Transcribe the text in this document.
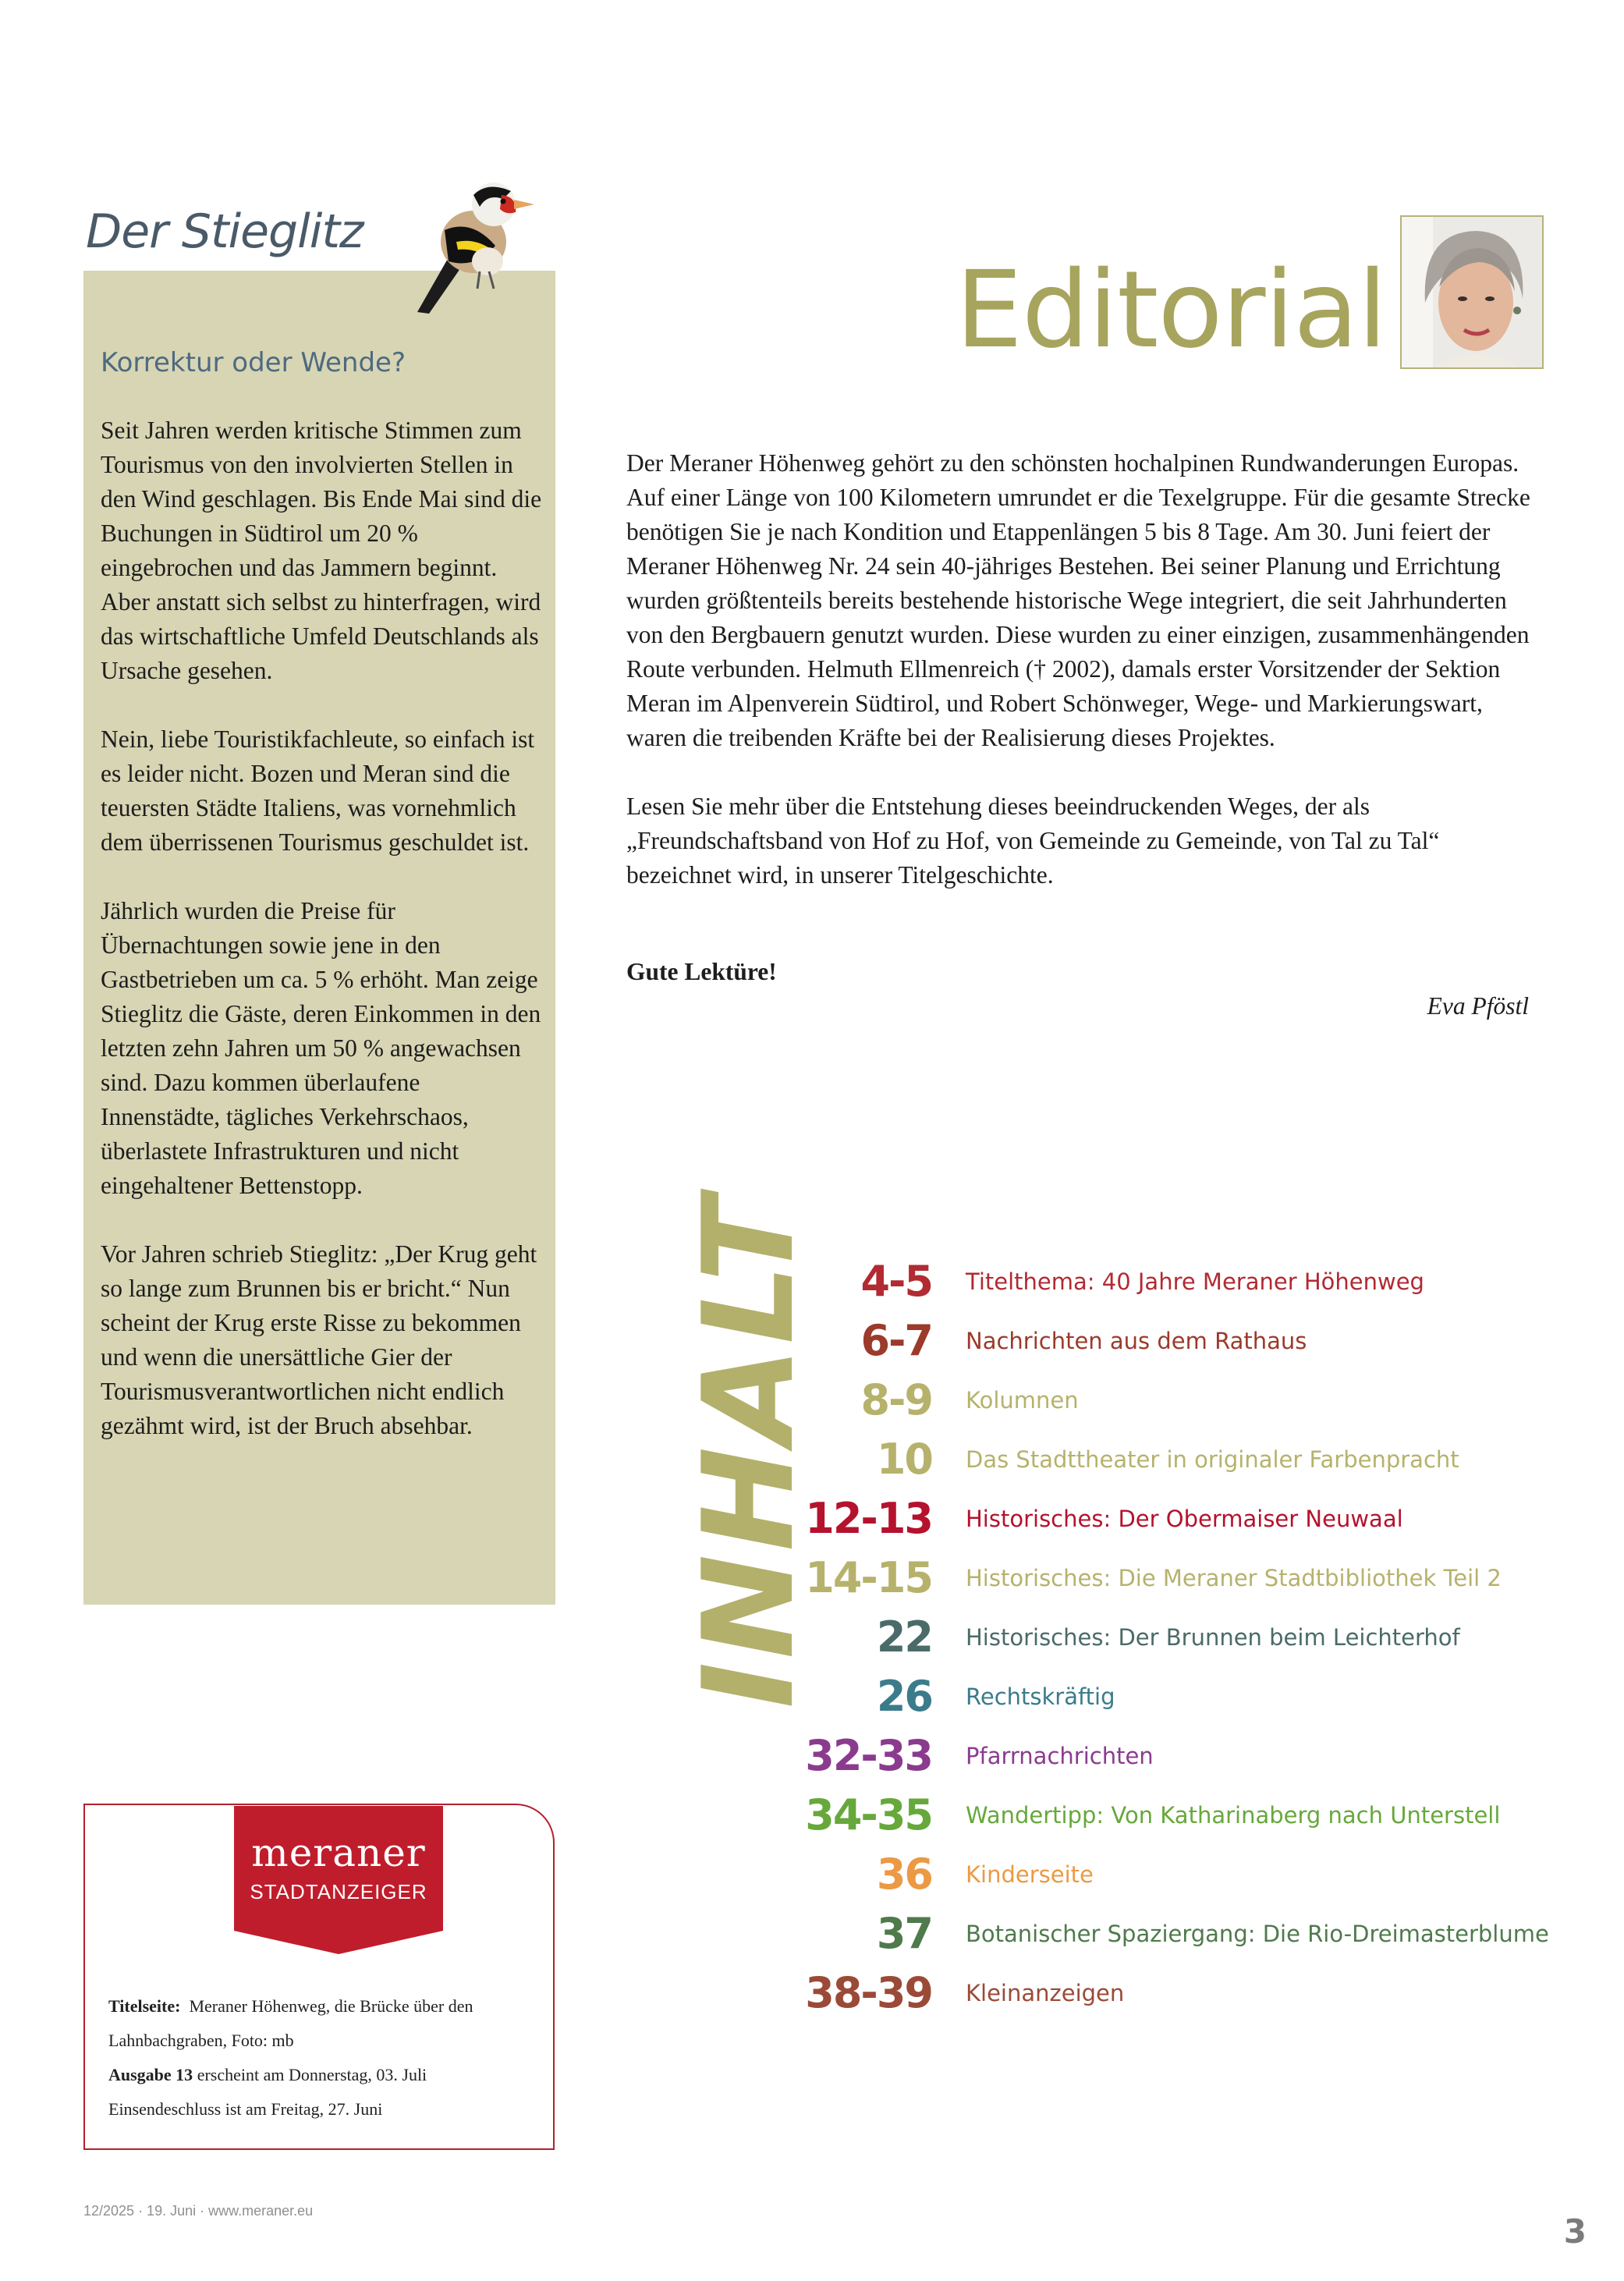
Der Stieglitz
Korrektur oder Wende?

Seit Jahren werden kritische Stimmen zum Tourismus von den involvierten Stellen in den Wind geschlagen. Bis Ende Mai sind die Buchungen in Südtirol um 20 % eingebrochen und das Jammern beginnt. Aber anstatt sich selbst zu hinterfragen, wird das wirtschaftliche Umfeld Deutschlands als Ursache gesehen.

Nein, liebe Touristikfachleute, so einfach ist es leider nicht. Bozen und Meran sind die teuersten Städte Italiens, was vornehmlich dem überrissenen Tourismus geschuldet ist.

Jährlich wurden die Preise für Übernachtungen sowie jene in den Gastbetrieben um ca. 5 % erhöht. Man zeige Stieglitz die Gäste, deren Einkommen in den letzten zehn Jahren um 50 % angewachsen sind. Dazu kommen überlaufene Innenstädte, tägliches Verkehrschaos, überlastete Infrastrukturen und nicht eingehaltener Bettenstopp.

Vor Jahren schrieb Stieglitz: „Der Krug geht so lange zum Brunnen bis er bricht.“ Nun scheint der Krug erste Risse zu bekommen und wenn die unersättliche Gier der Tourismusverantwortlichen nicht endlich gezähmt wird, ist der Bruch absehbar.

meraner
STADTANZEIGER
Titelseite: Meraner Höhenweg, die Brücke über den Lahnbachgraben, Foto: mb
Ausgabe 13 erscheint am Donnerstag, 03. Juli
Einsendeschluss ist am Freitag, 27. Juni
Editorial

Der Meraner Höhenweg gehört zu den schönsten hochalpinen Rundwanderungen Europas. Auf einer Länge von 100 Kilometern umrundet er die Texelgruppe. Für die gesamte Strecke benötigen Sie je nach Kondition und Etappenlängen 5 bis 8 Tage. Am 30. Juni feiert der Meraner Höhenweg Nr. 24 sein 40-jähriges Bestehen. Bei seiner Planung und Errichtung wurden größtenteils bereits bestehende historische Wege integriert, die seit Jahrhunderten von den Bergbauern genutzt wurden. Diese wurden zu einer einzigen, zusammenhängenden Route verbunden. Helmuth Ellmenreich († 2002), damals erster Vorsitzender der Sektion Meran im Alpenverein Südtirol, und Robert Schönweger, Wege- und Markierungswart, waren die treibenden Kräfte bei der Realisierung dieses Projektes.

Lesen Sie mehr über die Entstehung dieses beeindruckenden Weges, der als „Freundschaftsband von Hof zu Hof, von Gemeinde zu Gemeinde, von Tal zu Tal“ bezeichnet wird, in unserer Titelgeschichte.

Gute Lektüre!
Eva Pföstl
INHALT 4-5 Titelthema: 40 Jahre Meraner Höhenweg
6-7 Nachrichten aus dem Rathaus
8-9 Kolumnen
10 Das Stadttheater in originaler Farbenpracht
12-13 Historisches: Der Obermaiser Neuwaal
14-15 Historisches: Die Meraner Stadtbibliothek Teil 2
22 Historisches: Der Brunnen beim Leichterhof
26 Rechtskräftig
32-33 Pfarrnachrichten
34-35 Wandertipp: Von Katharinaberg nach Unterstell
36 Kinderseite
37 Botanischer Spaziergang: Die Rio-Dreimasterblume
38-39 Kleinanzeigen
12/2025 · 19. Juni · www.meraner.eu
3
